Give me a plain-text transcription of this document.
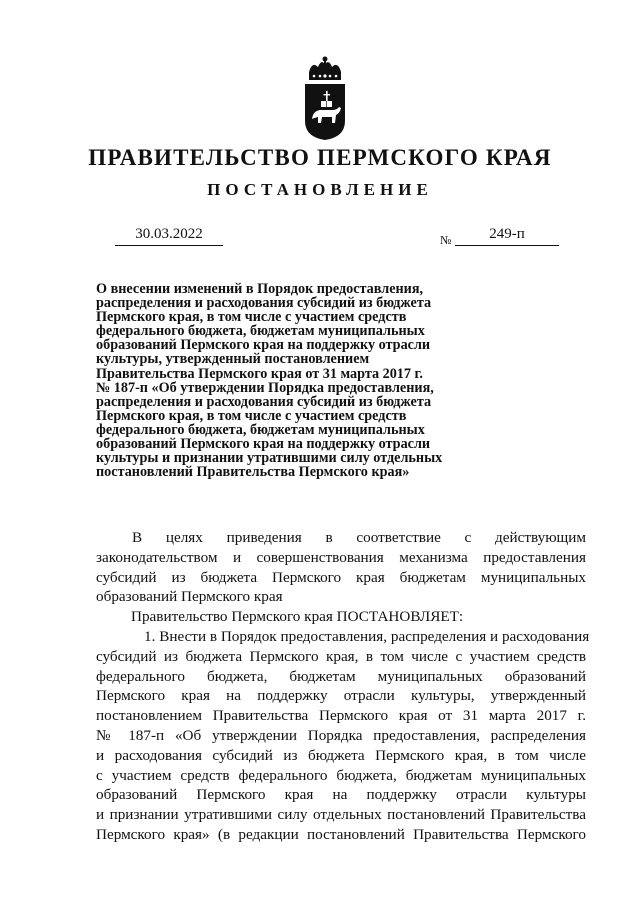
ПРАВИТЕЛЬСТВО ПЕРМСКОГО КРАЯ
ПОСТАНОВЛЕНИЕ
30.03.2022	№	249-п
О внесении изменений в Порядок предоставления,
распределения и расходования субсидий из бюджета
Пермского края, в том числе с участием средств
федерального бюджета, бюджетам муниципальных
образований Пермского края на поддержку отрасли
культуры, утвержденный постановлением
Правительства Пермского края от 31 марта 2017 г.
№ 187-п «Об утверждении Порядка предоставления,
распределения и расходования субсидий из бюджета
Пермского края, в том числе с участием средств
федерального бюджета, бюджетам муниципальных
образований Пермского края на поддержку отрасли
культуры и признании утратившими силу отдельных
постановлений Правительства Пермского края»
В целях приведения в соответствие с действующим
законодательством и совершенствования механизма предоставления
субсидий из бюджета Пермского края бюджетам муниципальных
образований Пермского края
Правительство Пермского края ПОСТАНОВЛЯЕТ:
1. Внести в Порядок предоставления, распределения и расходования
субсидий из бюджета Пермского края, в том числе с участием средств
федерального бюджета, бюджетам муниципальных образований
Пермского края на поддержку отрасли культуры, утвержденный
постановлением Правительства Пермского края от 31 марта 2017 г.
№ 187-п «Об утверждении Порядка предоставления, распределения
и расходования субсидий из бюджета Пермского края, в том числе
с участием средств федерального бюджета, бюджетам муниципальных
образований Пермского края на поддержку отрасли культуры
и признании утратившими силу отдельных постановлений Правительства
Пермского края» (в редакции постановлений Правительства Пермского
